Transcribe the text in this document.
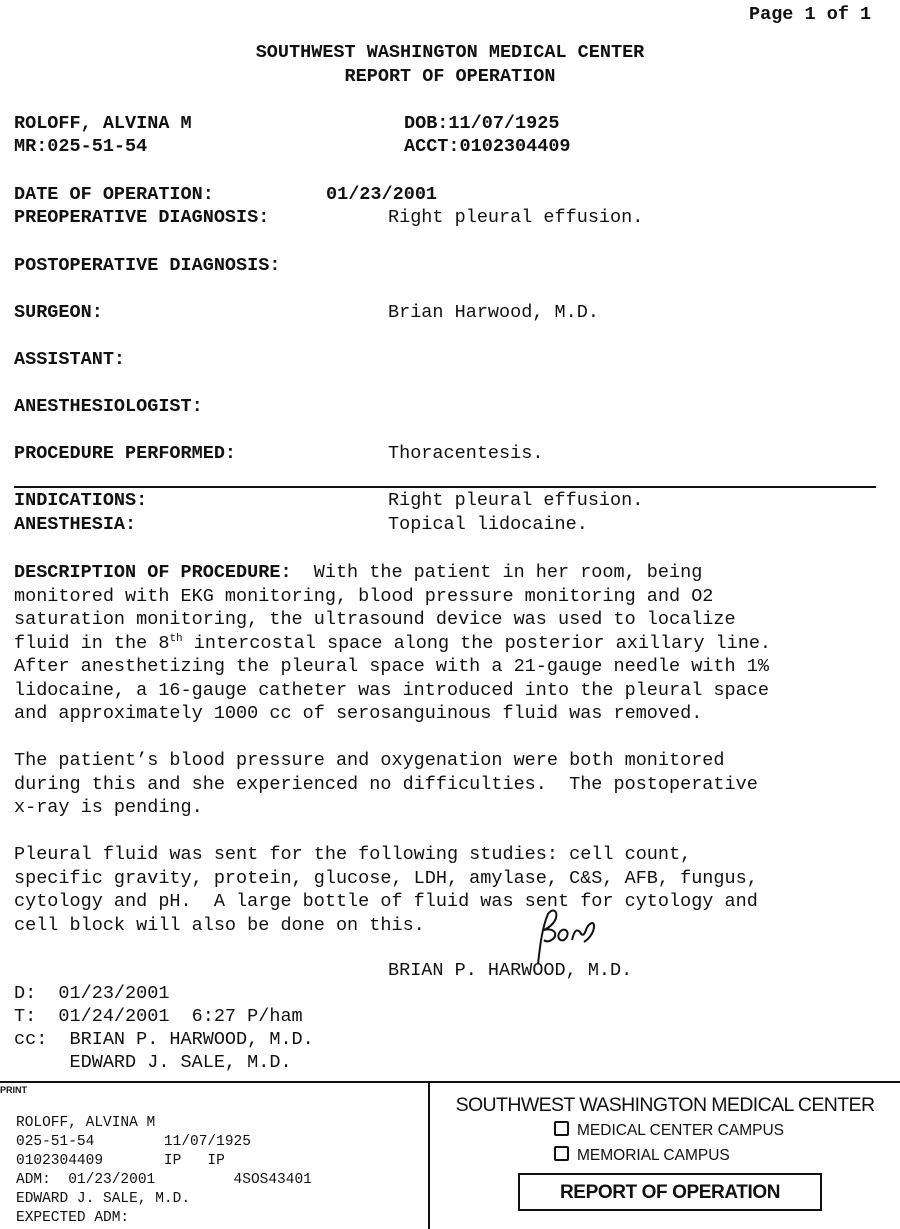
Page 1 of 1
SOUTHWEST WASHINGTON MEDICAL CENTER
REPORT OF OPERATION
ROLOFF, ALVINA M
MR:025-51-54
DOB:11/07/1925
ACCT:0102304409
DATE OF OPERATION:	01/23/2001
PREOPERATIVE DIAGNOSIS:	Right pleural effusion.
POSTOPERATIVE DIAGNOSIS:
SURGEON:	Brian Harwood, M.D.
ASSISTANT:
ANESTHESIOLOGIST:
PROCEDURE PERFORMED:	Thoracentesis.
INDICATIONS:	Right pleural effusion.
ANESTHESIA:	Topical lidocaine.
DESCRIPTION OF PROCEDURE:  With the patient in her room, being
monitored with EKG monitoring, blood pressure monitoring and O2
saturation monitoring, the ultrasound device was used to localize
fluid in the 8th intercostal space along the posterior axillary line.
After anesthetizing the pleural space with a 21-gauge needle with 1%
lidocaine, a 16-gauge catheter was introduced into the pleural space
and approximately 1000 cc of serosanguinous fluid was removed.
The patient’s blood pressure and oxygenation were both monitored
during this and she experienced no difficulties.  The postoperative
x-ray is pending.
Pleural fluid was sent for the following studies: cell count,
specific gravity, protein, glucose, LDH, amylase, C&S, AFB, fungus,
cytology and pH.  A large bottle of fluid was sent for cytology and
cell block will also be done on this.
BRIAN P. HARWOOD, M.D.
D:  01/23/2001
T:  01/24/2001  6:27 P/ham
cc:  BRIAN P. HARWOOD, M.D.
EDWARD J. SALE, M.D.
PRINT
ROLOFF, ALVINA M
025-51-54        11/07/1925
0102304409       IP   IP
ADM:  01/23/2001         4SOS43401
EDWARD J. SALE, M.D.
EXPECTED ADM:
SOUTHWEST WASHINGTON MEDICAL CENTER
MEDICAL CENTER CAMPUS
MEMORIAL CAMPUS
REPORT OF OPERATION
